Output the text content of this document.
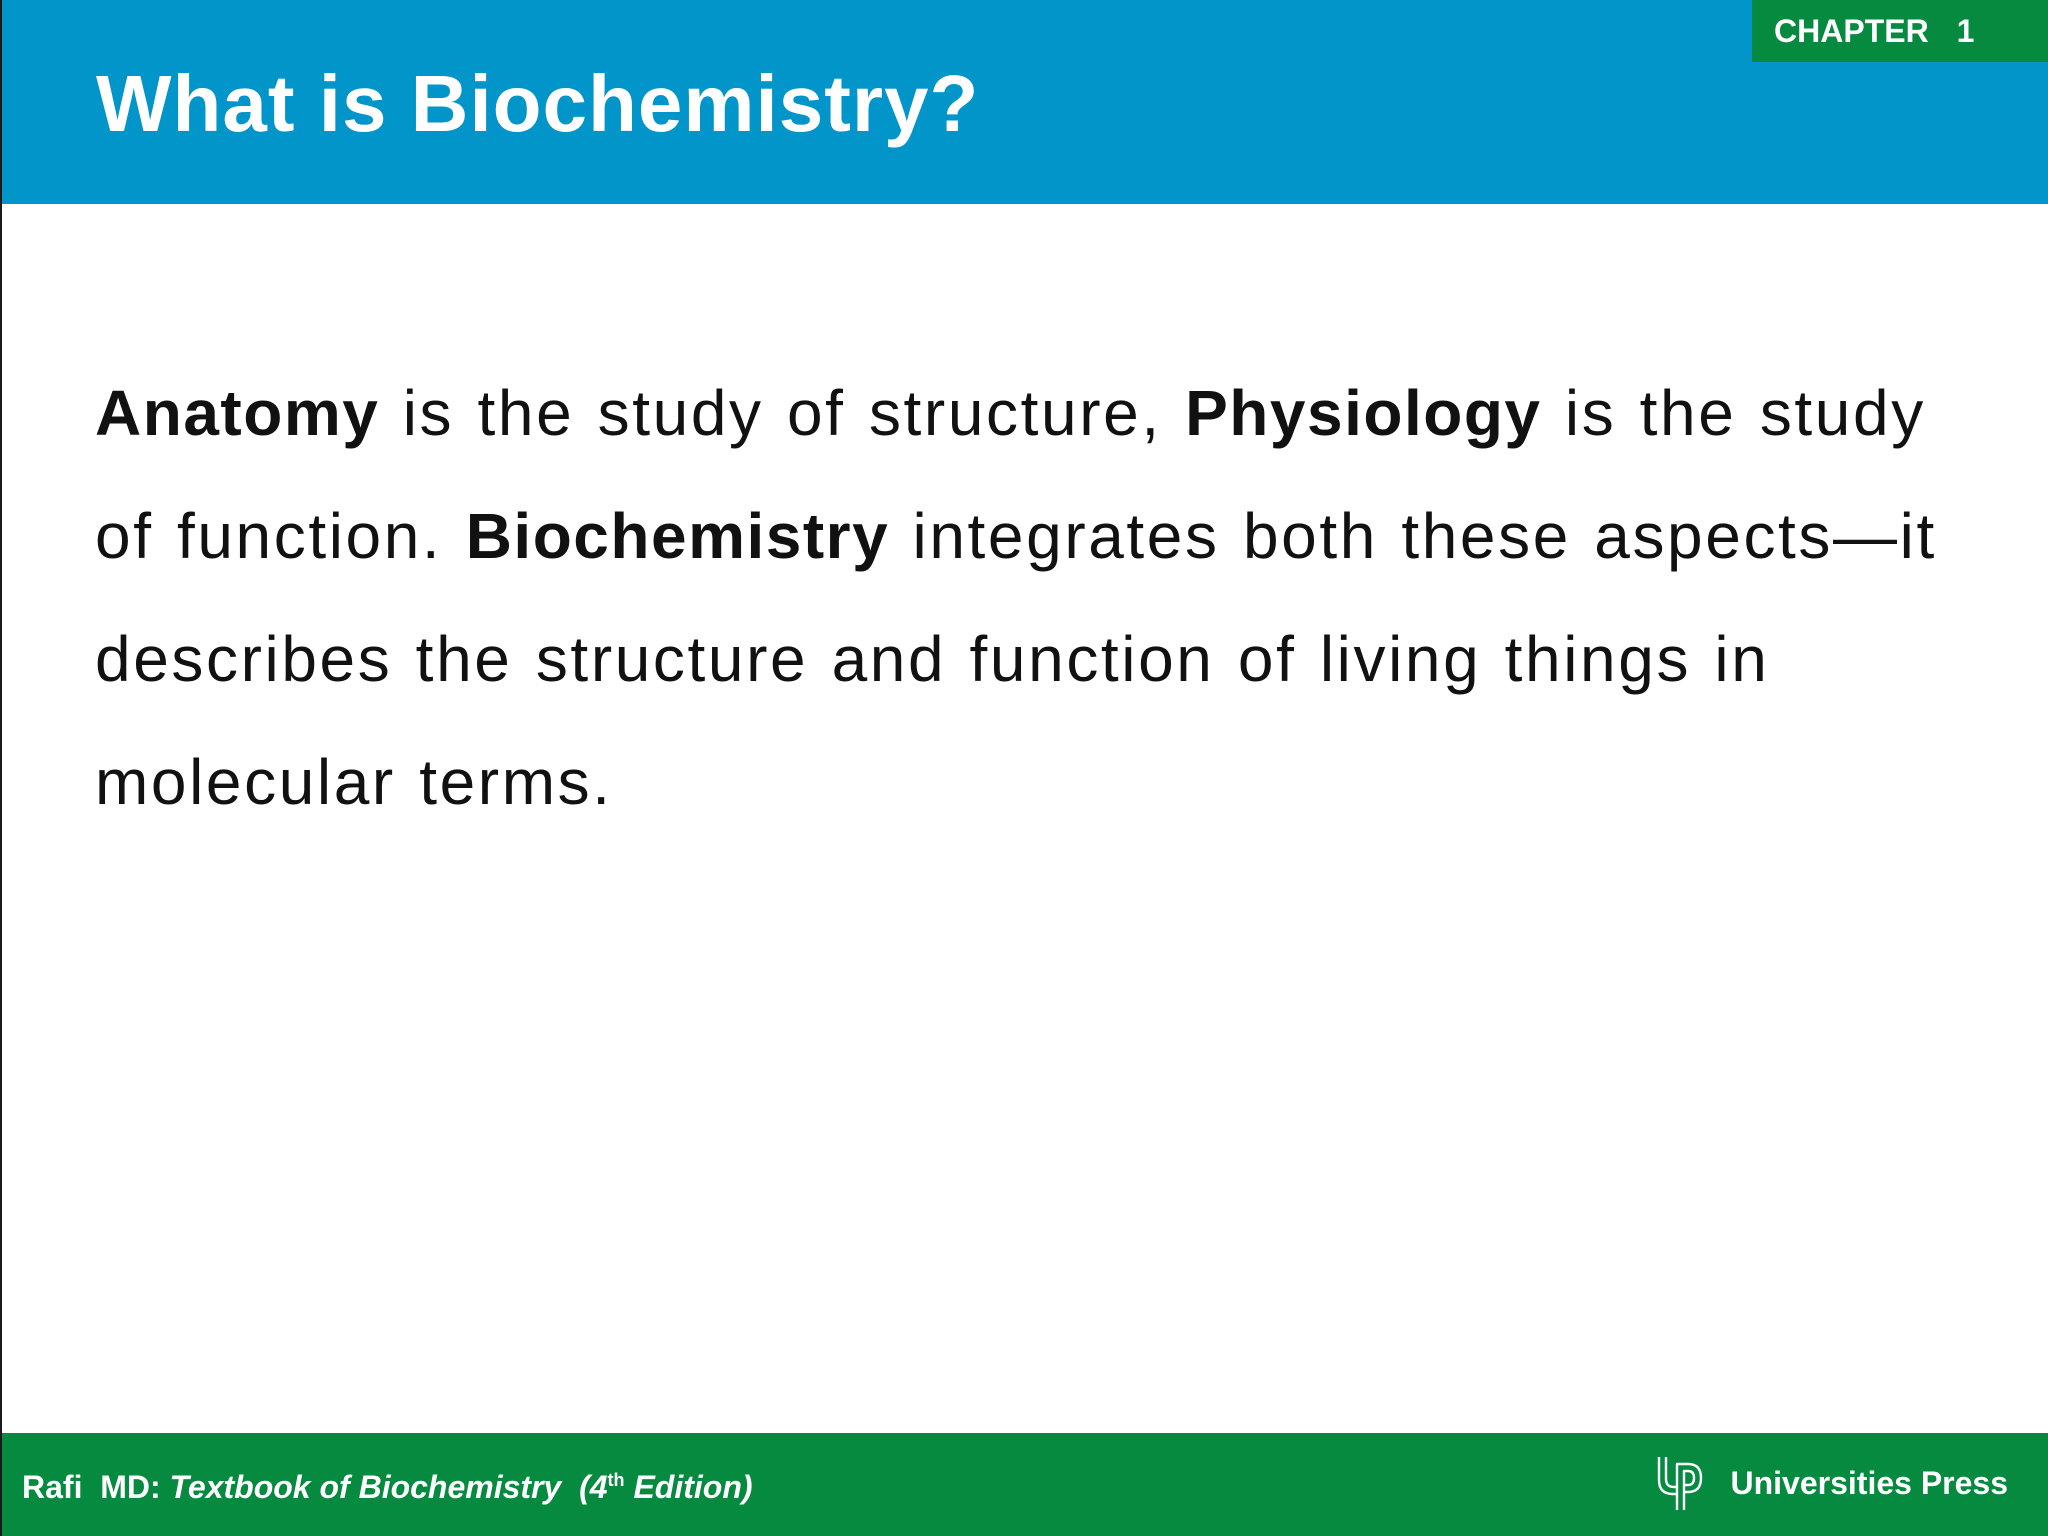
CHAPTER 1
What is Biochemistry?

Anatomy is the study of structure, Physiology is the study of function. Biochemistry integrates both these aspects—it describes the structure and function of living things in molecular terms.

Rafi  MD: Textbook of Biochemistry  (4th Edition)	Universities Press
